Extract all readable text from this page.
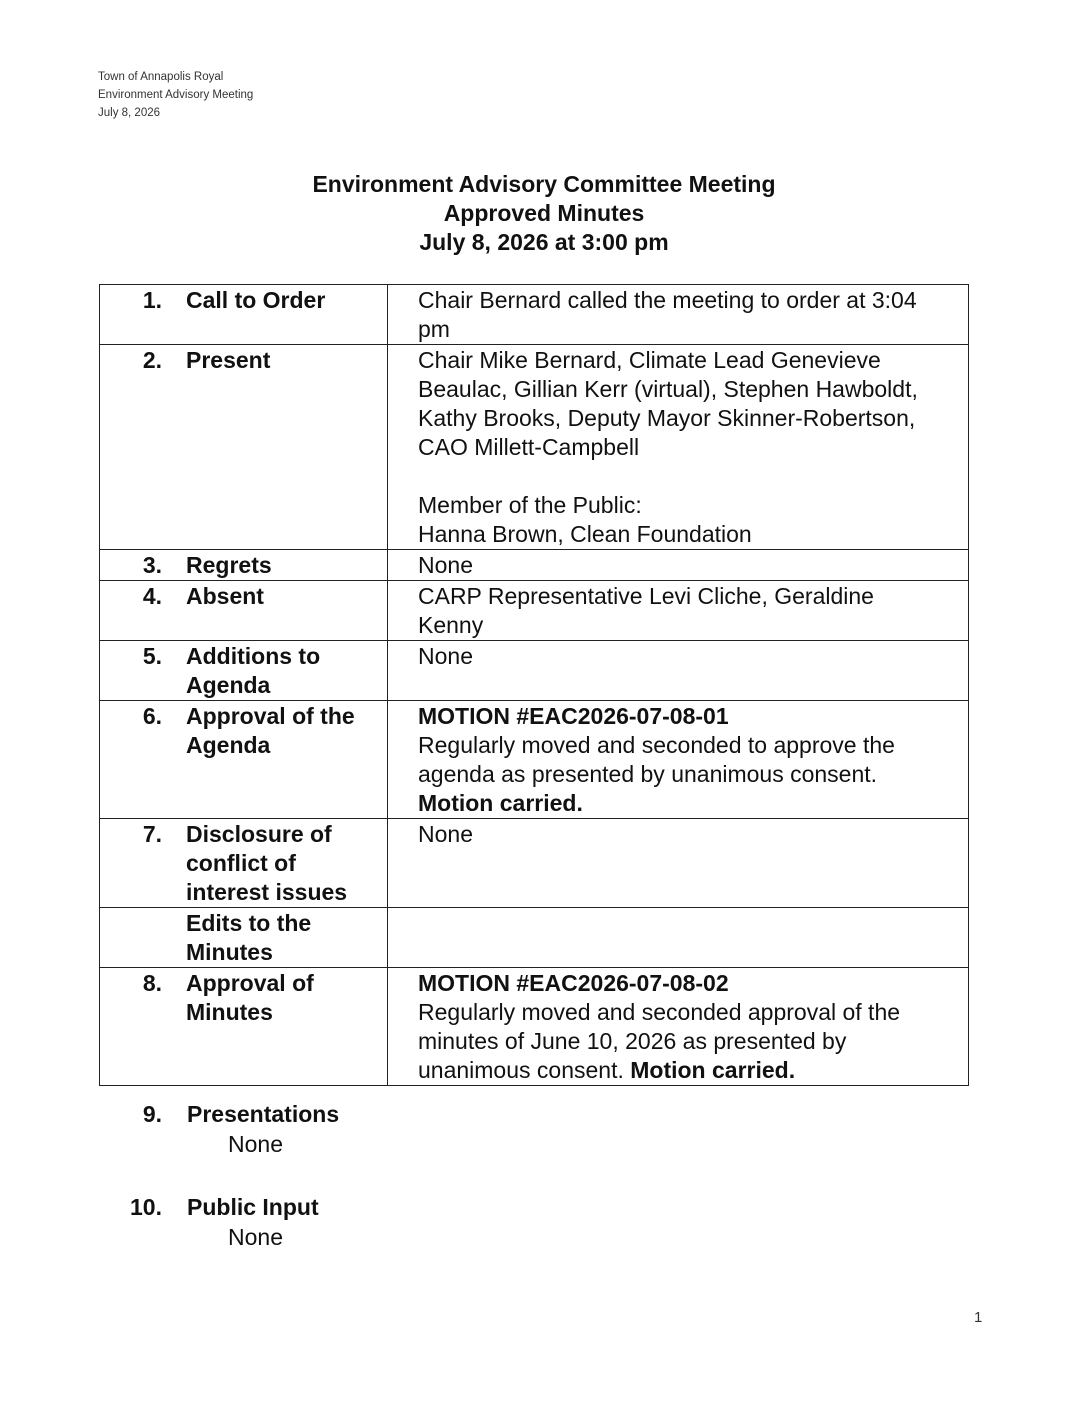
Town of Annapolis Royal
Environment Advisory Meeting
July 8, 2026
Environment Advisory Committee Meeting
Approved Minutes
July 8, 2026 at 3:00 pm
1. Call to Order	Chair Bernard called the meeting to order at 3:04 pm

2. Present	Chair Mike Bernard, Climate Lead Genevieve Beaulac, Gillian Kerr (virtual), Stephen Hawboldt, Kathy Brooks, Deputy Mayor Skinner-Robertson, CAO Millett-Campbell
Member of the Public:
Hanna Brown, Clean Foundation

3. Regrets	None

4. Absent	CARP Representative Levi Cliche, Geraldine Kenny

5. Additions to Agenda	None

6. Approval of the Agenda	MOTION #EAC2026-07-08-01
Regularly moved and seconded to approve the agenda as presented by unanimous consent.
Motion carried.

7. Disclosure of conflict of interest issues	None

Edits to the Minutes	

8. Approval of Minutes	MOTION #EAC2026-07-08-02
Regularly moved and seconded approval of the minutes of June 10, 2026 as presented by unanimous consent. Motion carried.
9. Presentations
None
10. Public Input
None
1
